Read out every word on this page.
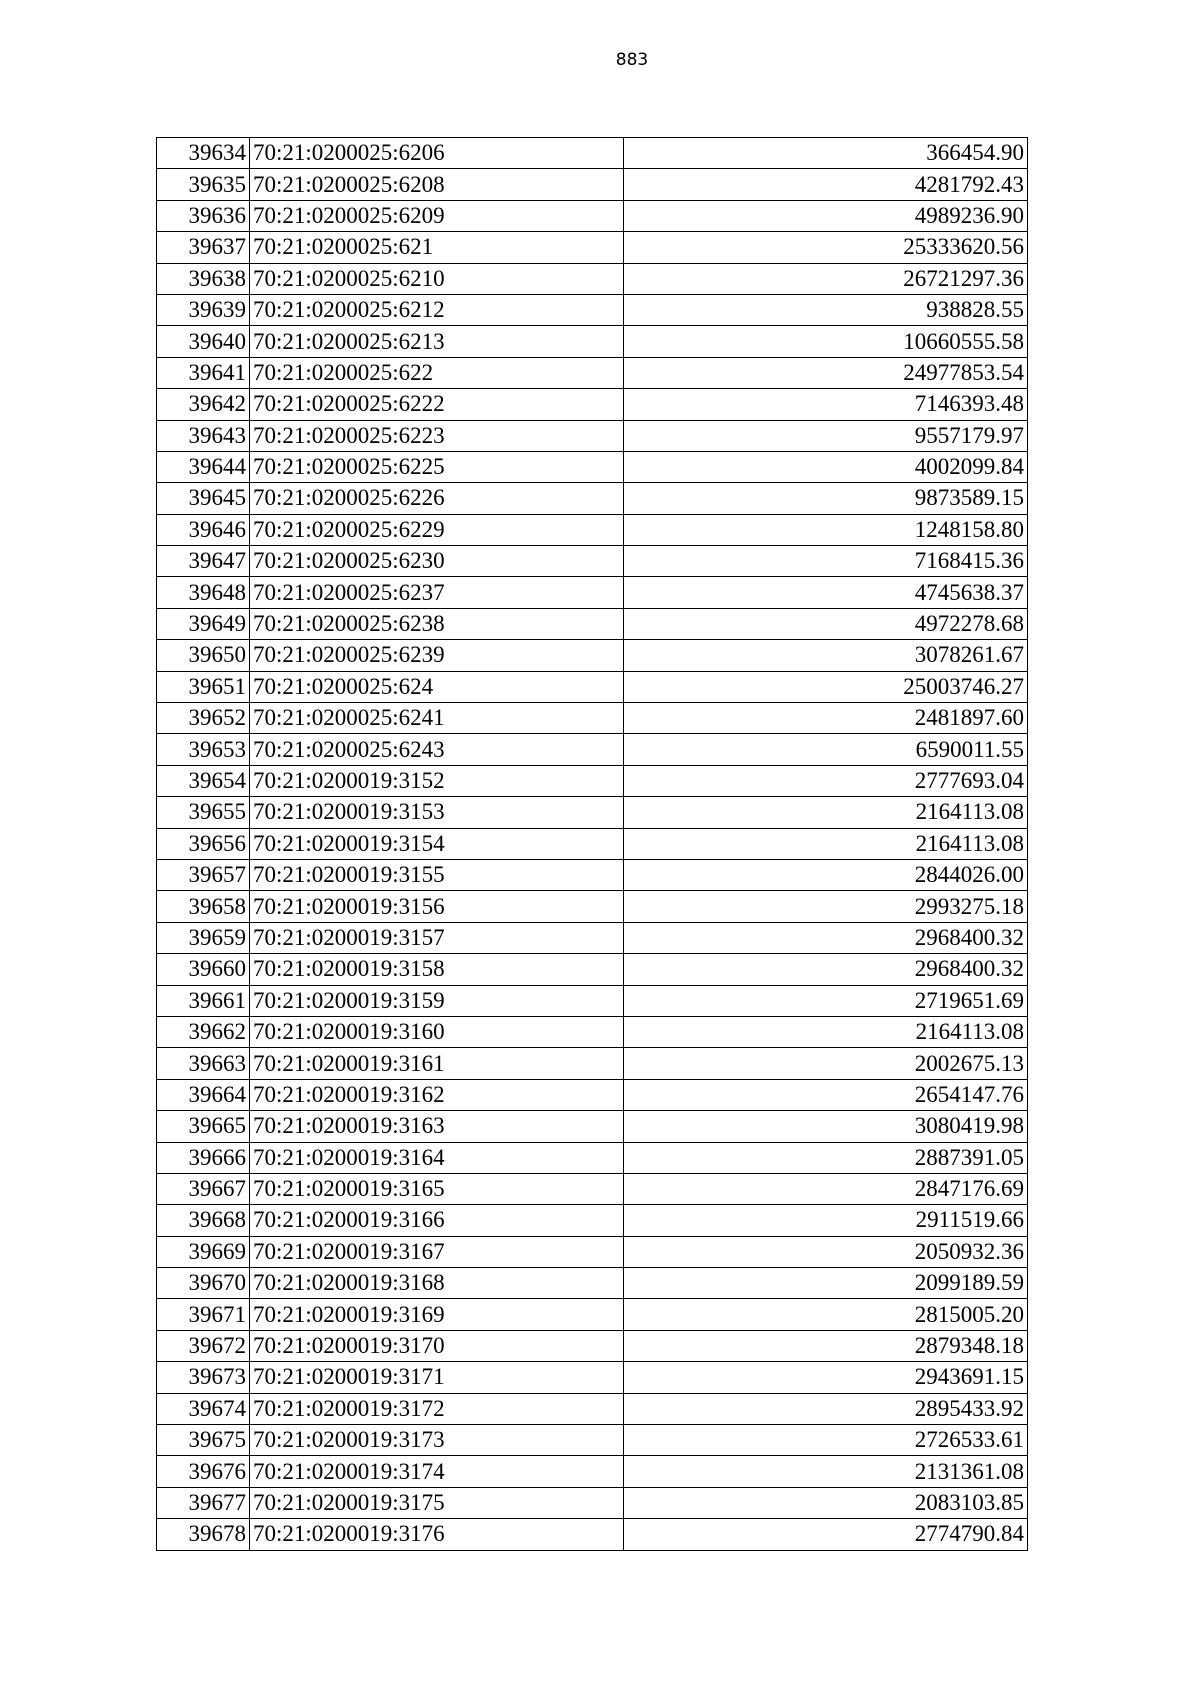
883
39634	70:21:0200025:6206	366454.90
39635	70:21:0200025:6208	4281792.43
39636	70:21:0200025:6209	4989236.90
39637	70:21:0200025:621	25333620.56
39638	70:21:0200025:6210	26721297.36
39639	70:21:0200025:6212	938828.55
39640	70:21:0200025:6213	10660555.58
39641	70:21:0200025:622	24977853.54
39642	70:21:0200025:6222	7146393.48
39643	70:21:0200025:6223	9557179.97
39644	70:21:0200025:6225	4002099.84
39645	70:21:0200025:6226	9873589.15
39646	70:21:0200025:6229	1248158.80
39647	70:21:0200025:6230	7168415.36
39648	70:21:0200025:6237	4745638.37
39649	70:21:0200025:6238	4972278.68
39650	70:21:0200025:6239	3078261.67
39651	70:21:0200025:624	25003746.27
39652	70:21:0200025:6241	2481897.60
39653	70:21:0200025:6243	6590011.55
39654	70:21:0200019:3152	2777693.04
39655	70:21:0200019:3153	2164113.08
39656	70:21:0200019:3154	2164113.08
39657	70:21:0200019:3155	2844026.00
39658	70:21:0200019:3156	2993275.18
39659	70:21:0200019:3157	2968400.32
39660	70:21:0200019:3158	2968400.32
39661	70:21:0200019:3159	2719651.69
39662	70:21:0200019:3160	2164113.08
39663	70:21:0200019:3161	2002675.13
39664	70:21:0200019:3162	2654147.76
39665	70:21:0200019:3163	3080419.98
39666	70:21:0200019:3164	2887391.05
39667	70:21:0200019:3165	2847176.69
39668	70:21:0200019:3166	2911519.66
39669	70:21:0200019:3167	2050932.36
39670	70:21:0200019:3168	2099189.59
39671	70:21:0200019:3169	2815005.20
39672	70:21:0200019:3170	2879348.18
39673	70:21:0200019:3171	2943691.15
39674	70:21:0200019:3172	2895433.92
39675	70:21:0200019:3173	2726533.61
39676	70:21:0200019:3174	2131361.08
39677	70:21:0200019:3175	2083103.85
39678	70:21:0200019:3176	2774790.84
